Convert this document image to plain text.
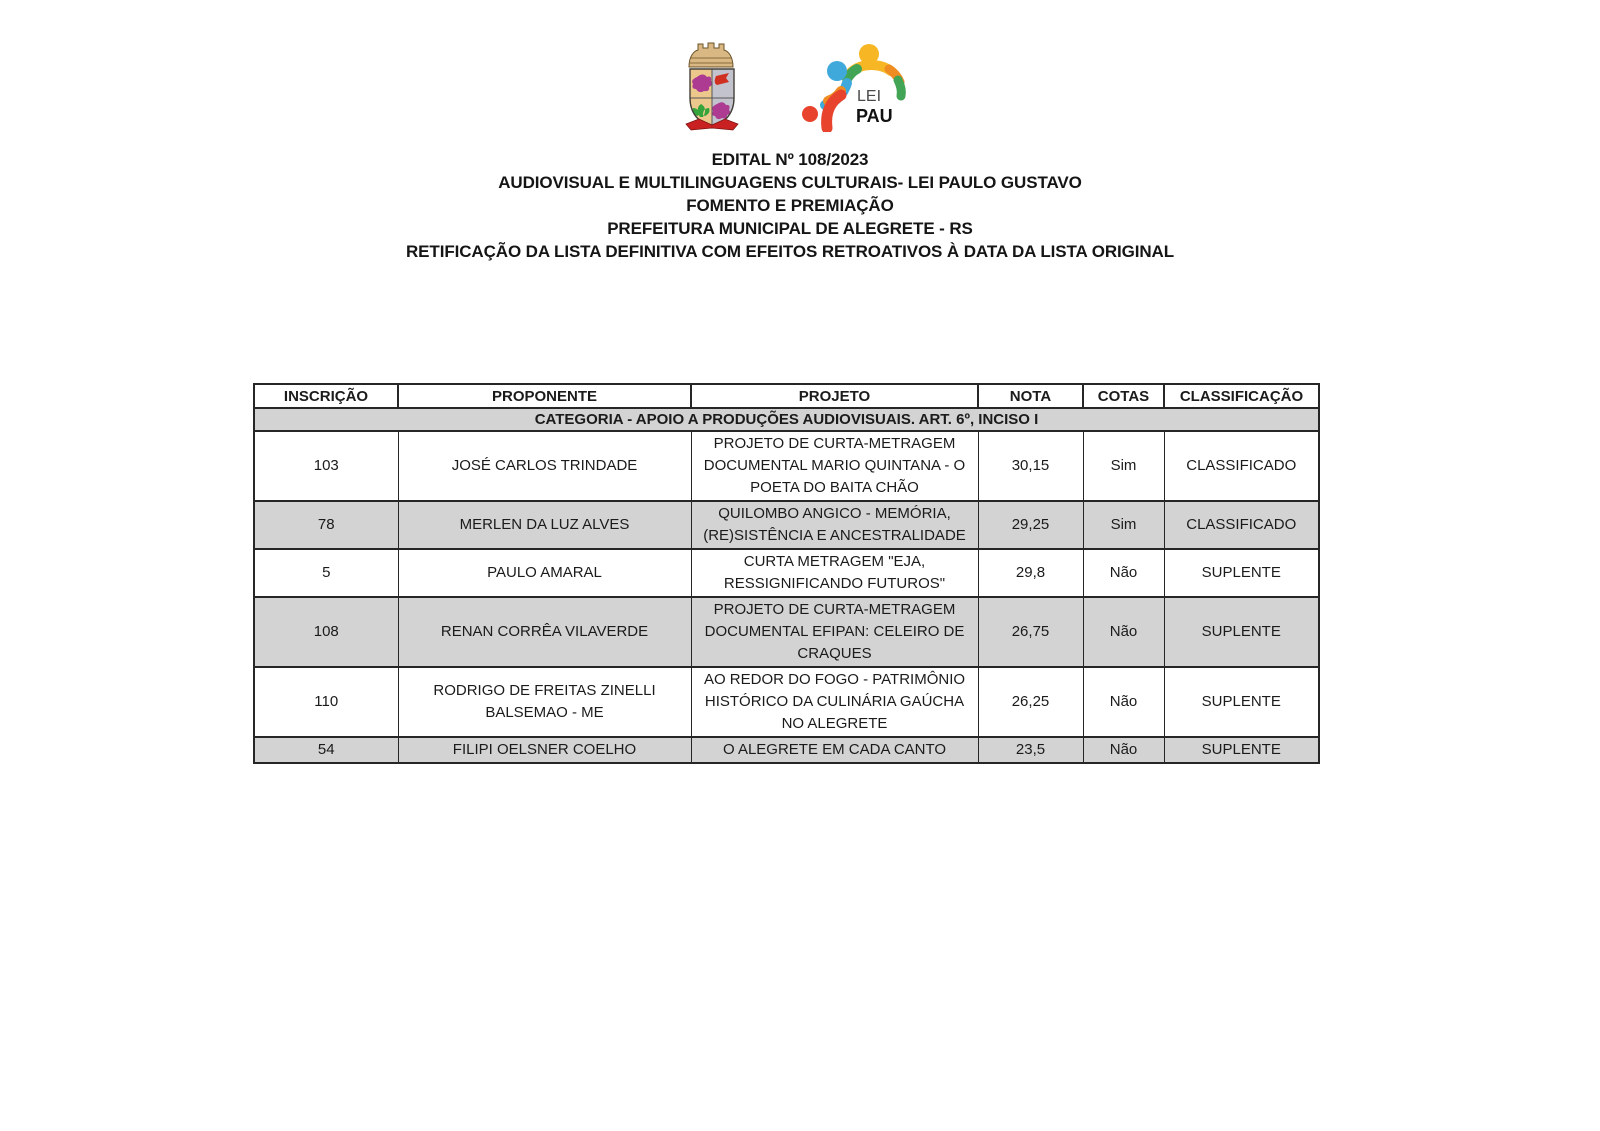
LEI
PAU
EDITAL Nº 108/2023
AUDIOVISUAL E MULTILINGUAGENS CULTURAIS- LEI PAULO GUSTAVO
FOMENTO E PREMIAÇÃO
PREFEITURA MUNICIPAL DE ALEGRETE - RS
RETIFICAÇÃO DA LISTA DEFINITIVA COM EFEITOS RETROATIVOS À DATA DA LISTA ORIGINAL
INSCRIÇÃO	PROPONENTE	PROJETO	NOTA	COTAS	CLASSIFICAÇÃO
CATEGORIA - APOIO A PRODUÇÕES AUDIOVISUAIS. ART. 6º, INCISO I					
103	JOSÉ CARLOS TRINDADE	PROJETO DE CURTA-METRAGEM DOCUMENTAL MARIO QUINTANA - O POETA DO BAITA CHÃO	30,15	Sim	CLASSIFICADO
78	MERLEN DA LUZ ALVES	QUILOMBO ANGICO - MEMÓRIA, (RE)SISTÊNCIA E ANCESTRALIDADE	29,25	Sim	CLASSIFICADO
5	PAULO AMARAL	CURTA METRAGEM "EJA, RESSIGNIFICANDO FUTUROS"	29,8	Não	SUPLENTE
108	RENAN CORRÊA VILAVERDE	PROJETO DE CURTA-METRAGEM DOCUMENTAL EFIPAN: CELEIRO DE CRAQUES	26,75	Não	SUPLENTE
110	RODRIGO DE FREITAS ZINELLI BALSEMAO - ME	AO REDOR DO FOGO - PATRIMÔNIO HISTÓRICO DA CULINÁRIA GAÚCHA NO ALEGRETE	26,25	Não	SUPLENTE
54	FILIPI OELSNER COELHO	O ALEGRETE EM CADA CANTO	23,5	Não	SUPLENTE
